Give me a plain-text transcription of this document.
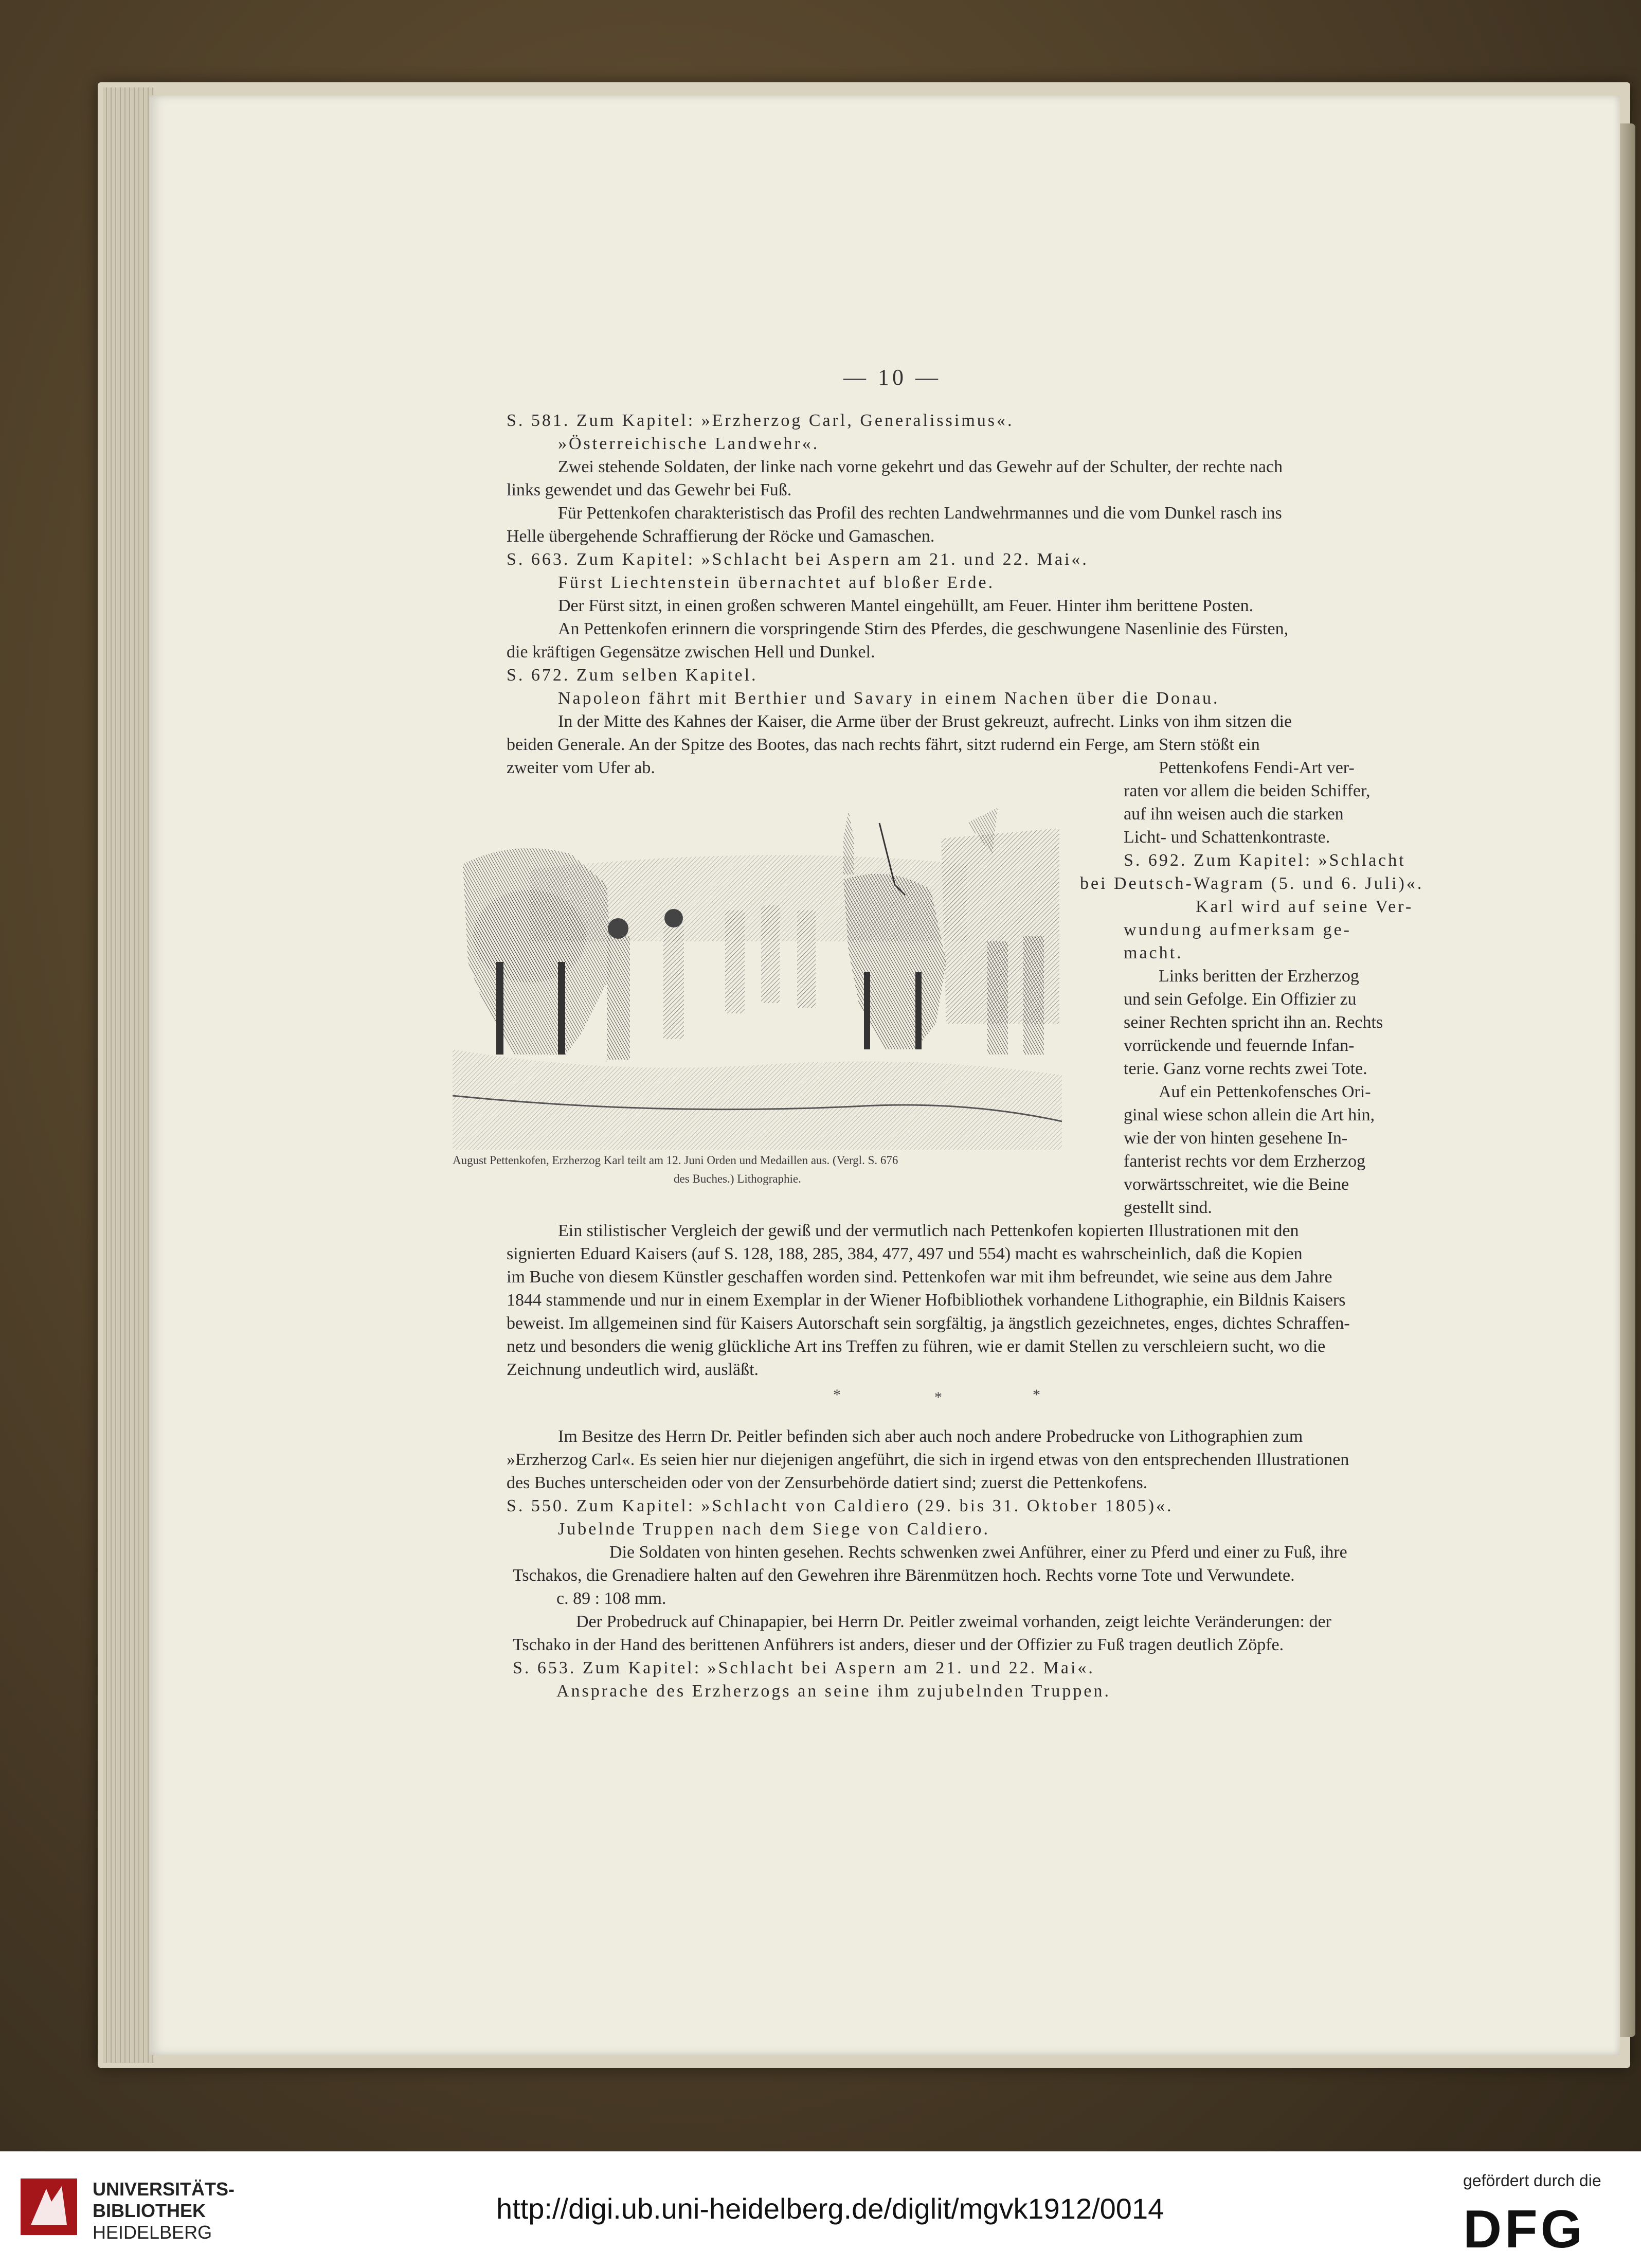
— 10 —
S. 581. Zum Kapitel: »Erzherzog Carl, Generalissimus«.
»Österreichische Landwehr«.
Zwei stehende Soldaten, der linke nach vorne gekehrt und das Gewehr auf der Schulter, der rechte nach
links gewendet und das Gewehr bei Fuß.
Für Pettenkofen charakteristisch das Profil des rechten Landwehrmannes und die vom Dunkel rasch ins
Helle übergehende Schraffierung der Röcke und Gamaschen.
S. 663. Zum Kapitel: »Schlacht bei Aspern am 21. und 22. Mai«.
Fürst Liechtenstein übernachtet auf bloßer Erde.
Der Fürst sitzt, in einen großen schweren Mantel eingehüllt, am Feuer. Hinter ihm berittene Posten.
An Pettenkofen erinnern die vorspringende Stirn des Pferdes, die geschwungene Nasenlinie des Fürsten,
die kräftigen Gegensätze zwischen Hell und Dunkel.
S. 672. Zum selben Kapitel.
Napoleon fährt mit Berthier und Savary in einem Nachen über die Donau.
In der Mitte des Kahnes der Kaiser, die Arme über der Brust gekreuzt, aufrecht. Links von ihm sitzen die
beiden Generale. An der Spitze des Bootes, das nach rechts fährt, sitzt rudernd ein Ferge, am Stern stößt ein
zweiter vom Ufer ab.	Pettenkofens Fendi-Art ver-
raten vor allem die beiden Schiffer,
auf ihn weisen auch die starken
Licht- und Schattenkontraste.
S. 692. Zum Kapitel: »Schlacht
bei Deutsch-Wagram (5. und 6. Juli)«.
Karl wird auf seine Ver-
wundung aufmerksam ge-
macht.
Links beritten der Erzherzog
und sein Gefolge. Ein Offizier zu
seiner Rechten spricht ihn an. Rechts
vorrückende und feuernde Infan-
terie. Ganz vorne rechts zwei Tote.
Auf ein Pettenkofensches Ori-
ginal wiese schon allein die Art hin,
wie der von hinten gesehene In-
fanterist rechts vor dem Erzherzog
vorwärtsschreitet, wie die Beine
gestellt sind.
Ein stilistischer Vergleich der gewiß und der vermutlich nach Pettenkofen kopierten Illustrationen mit den
signierten Eduard Kaisers (auf S. 128, 188, 285, 384, 477, 497 und 554) macht es wahrscheinlich, daß die Kopien
im Buche von diesem Künstler geschaffen worden sind. Pettenkofen war mit ihm befreundet, wie seine aus dem Jahre
1844 stammende und nur in einem Exemplar in der Wiener Hofbibliothek vorhandene Lithographie, ein Bildnis Kaisers
beweist. Im allgemeinen sind für Kaisers Autorschaft sein sorgfältig, ja ängstlich gezeichnetes, enges, dichtes Schraffen-
netz und besonders die wenig glückliche Art ins Treffen zu führen, wie er damit Stellen zu verschleiern sucht, wo die
Zeichnung undeutlich wird, ausläßt.
Im Besitze des Herrn Dr. Peitler befinden sich aber auch noch andere Probedrucke von Lithographien zum
»Erzherzog Carl«. Es seien hier nur diejenigen angeführt, die sich in irgend etwas von den entsprechenden Illustrationen
des Buches unterscheiden oder von der Zensurbehörde datiert sind; zuerst die Pettenkofens.
S. 550. Zum Kapitel: »Schlacht von Caldiero (29. bis 31. Oktober 1805)«.
Jubelnde Truppen nach dem Siege von Caldiero.
Die Soldaten von hinten gesehen. Rechts schwenken zwei Anführer, einer zu Pferd und einer zu Fuß, ihre
Tschakos, die Grenadiere halten auf den Gewehren ihre Bärenmützen hoch. Rechts vorne Tote und Verwundete.
c. 89 : 108 mm.
Der Probedruck auf Chinapapier, bei Herrn Dr. Peitler zweimal vorhanden, zeigt leichte Veränderungen: der
Tschako in der Hand des berittenen Anführers ist anders, dieser und der Offizier zu Fuß tragen deutlich Zöpfe.
S. 653. Zum Kapitel: »Schlacht bei Aspern am 21. und 22. Mai«.
Ansprache des Erzherzogs an seine ihm zujubelnden Truppen.
*	*	*
August Pettenkofen, Erzherzog Karl teilt am 12. Juni Orden und Medaillen aus. (Vergl. S. 676
des Buches.) Lithographie.
UNIVERSITÄTS-
BIBLIOTHEK
HEIDELBERG
http://digi.ub.uni-heidelberg.de/diglit/mgvk1912/0014
gefördert durch die
DFG
